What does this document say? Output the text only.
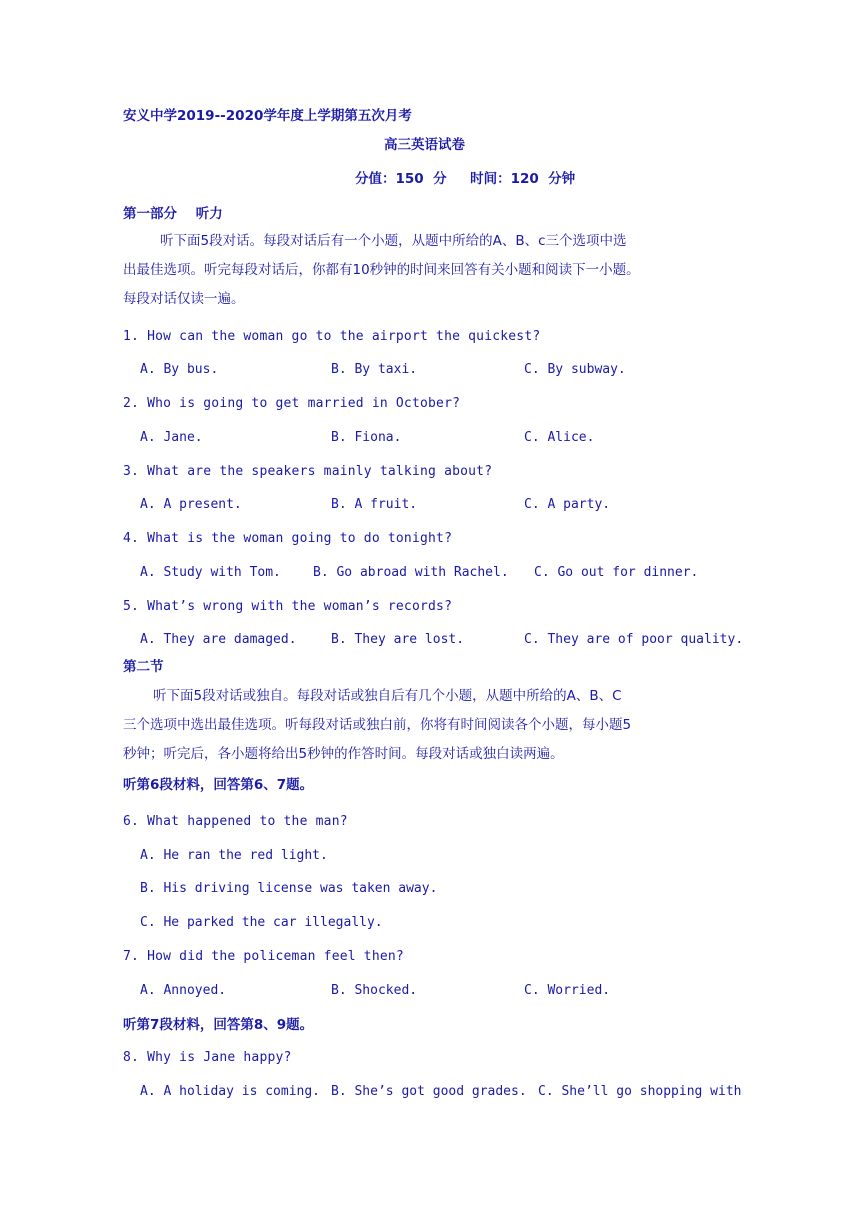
安义中学2019--2020学年度上学期第五次月考
高三英语试卷
分值：150  分     时间：120  分钟
第一部分    听力
听下面5段对话。每段对话后有一个小题，从题中所给的A、B、c三个选项中选
出最佳选项。听完每段对话后，你都有10秒钟的时间来回答有关小题和阅读下一小题。
每段对话仅读一遍。
1. How can the woman go to the airport the quickest?
A. By bus.	B. By taxi.	C. By subway.
2. Who is going to get married in October?
A. Jane.	B. Fiona.	C. Alice.
3. What are the speakers mainly talking about?
A. A present.	B. A fruit.	C. A party.
4. What is the woman going to do tonight?
A. Study with Tom. B. Go abroad with Rachel. C. Go out for dinner.
5. What’s wrong with the woman’s records?
A. They are damaged.	B. They are lost.	C. They are of poor quality.
第二节
听下面5段对话或独自。每段对话或独自后有几个小题，从题中所给的A、B、C
三个选项中选出最佳选项。听每段对话或独白前，你将有时间阅读各个小题，每小题5
秒钟；听完后，各小题将给出5秒钟的作答时间。每段对话或独白读两遍。
听第6段材料，回答第6、7题。
6. What happened to the man?
A. He ran the red light.
B. His driving license was taken away.
C. He parked the car illegally.
7. How did the policeman feel then?
A. Annoyed.	B. Shocked.	C. Worried.
听第7段材料，回答第8、9题。
8. Why is Jane happy?
A. A holiday is coming. B. She’s got good grades. C. She’ll go shopping with
